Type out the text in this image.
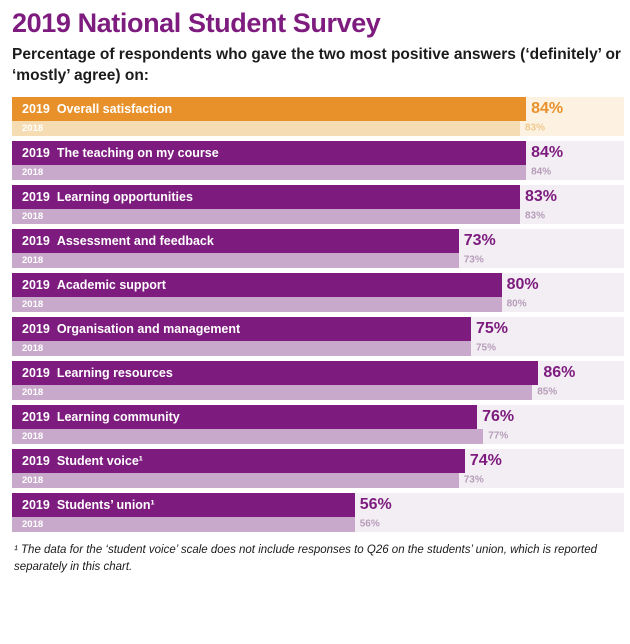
2019 National Student Survey
Percentage of respondents who gave the two most positive answers (‘definitely’ or ‘mostly’ agree) on:
2019 Overall satisfaction	84%
2018	83%
2019 The teaching on my course	84%
2018	84%
2019 Learning opportunities	83%
2018	83%
2019 Assessment and feedback	73%
2018	73%
2019 Academic support	80%
2018	80%
2019 Organisation and management	75%
2018	75%
2019 Learning resources	86%
2018	85%
2019 Learning community	76%
2018	77%
2019 Student voice¹	74%
2018	73%
2019 Students’ union¹	56%
2018	56%
¹ The data for the ‘student voice’ scale does not include responses to Q26 on the students’ union, which is reported separately in this chart.
